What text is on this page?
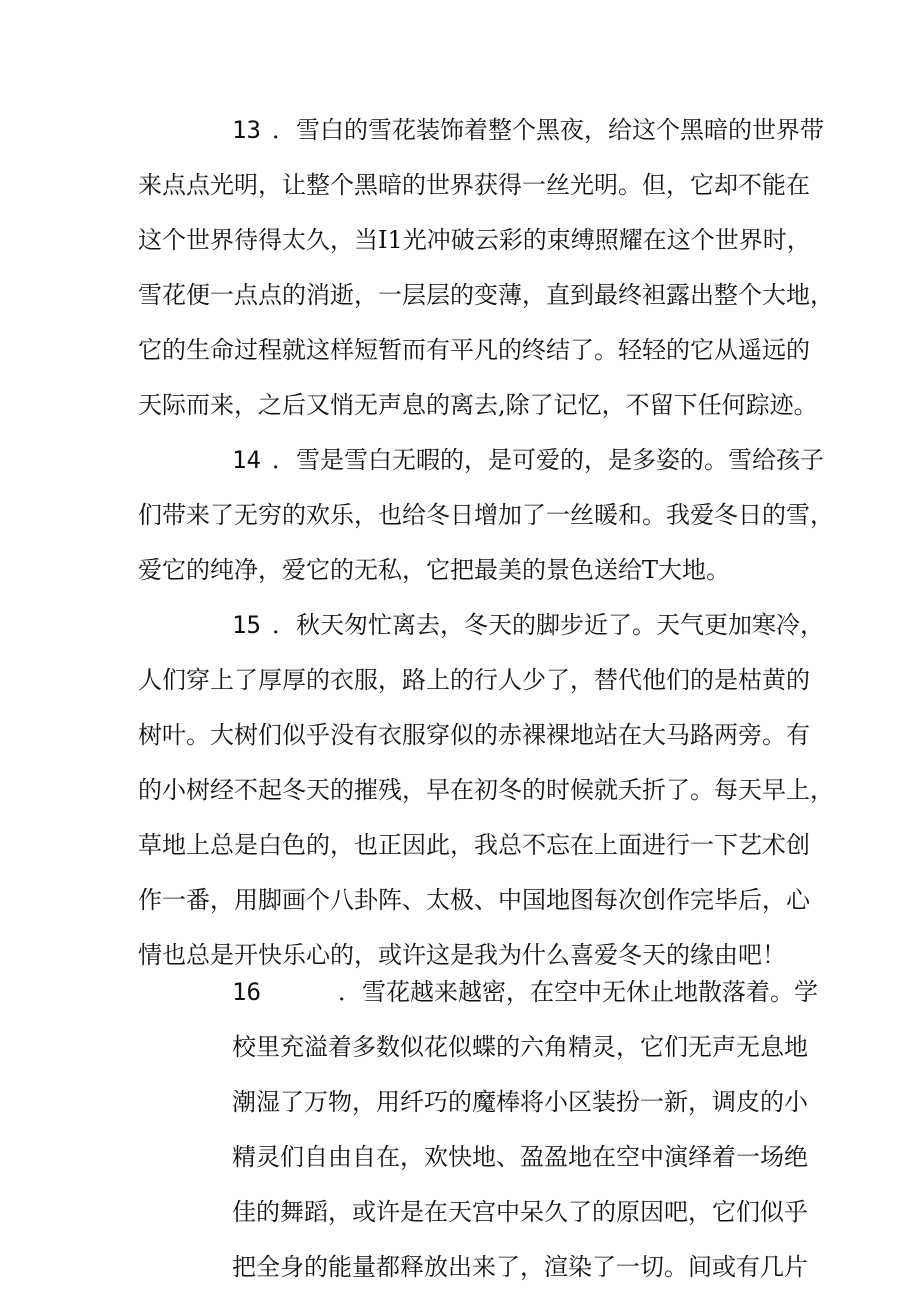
13 ．雪白的雪花装饰着整个黑夜，给这个黑暗的世界带
来点点光明，让整个黑暗的世界获得一丝光明。但，它却不能在
这个世界待得太久，当I1光冲破云彩的束缚照耀在这个世界时，
雪花便一点点的消逝，一层层的变薄，直到最终袒露出整个大地，
它的生命过程就这样短暂而有平凡的终结了。轻轻的它从遥远的
天际而来，之后又悄无声息的离去,除了记忆，不留下任何踪迹。
14 ．雪是雪白无暇的，是可爱的，是多姿的。雪给孩子
们带来了无穷的欢乐，也给冬日增加了一丝暖和。我爱冬日的雪，
爱它的纯净，爱它的无私，它把最美的景色送给T大地。
15 ．秋天匆忙离去，冬天的脚步近了。天气更加寒冷，
人们穿上了厚厚的衣服，路上的行人少了，替代他们的是枯黄的
树叶。大树们似乎没有衣服穿似的赤裸裸地站在大马路两旁。有
的小树经不起冬天的摧残，早在初冬的时候就夭折了。每天早上，
草地上总是白色的，也正因此，我总不忘在上面进行一下艺术创
作一番，用脚画个八卦阵、太极、中国地图每次创作完毕后，心
情也总是开快乐心的，或许这是我为什么喜爱冬天的缘由吧！
16	．雪花越来越密，在空中无休止地散落着。学
校里充溢着多数似花似蝶的六角精灵，它们无声无息地
潮湿了万物，用纤巧的魔棒将小区装扮一新，调皮的小
精灵们自由自在，欢快地、盈盈地在空中演绎着一场绝
佳的舞蹈，或许是在天宫中呆久了的原因吧，它们似乎
把全身的能量都释放出来了，渲染了一切。间或有几片
